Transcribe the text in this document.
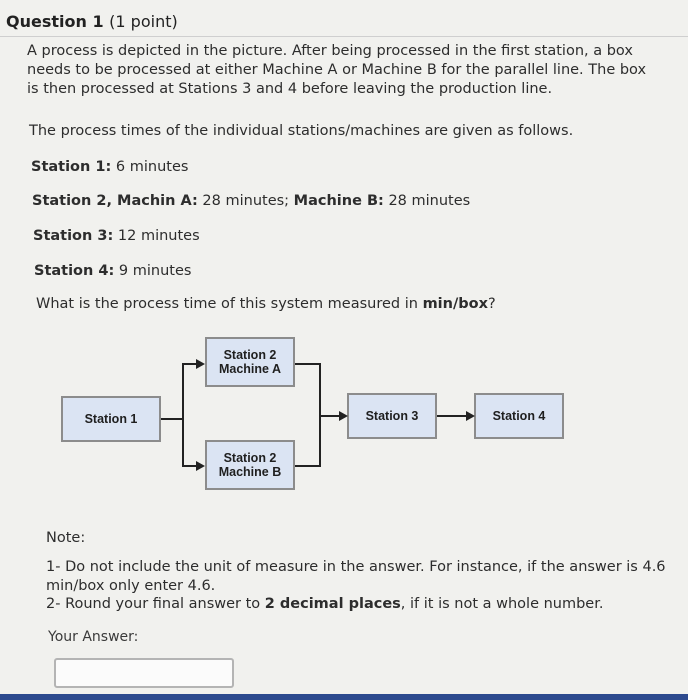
Question 1 (1 point)
A process is depicted in the picture. After being processed in the first station, a box
needs to be processed at either Machine A or Machine B for the parallel line. The box
is then processed at Stations 3 and 4 before leaving the production line.
The process times of the individual stations/machines are given as follows.
Station 1: 6 minutes
Station 2, Machin A: 28 minutes; Machine B: 28 minutes
Station 3: 12 minutes
Station 4: 9 minutes
What is the process time of this system measured in min/box?
Station 1
Station 2
Machine A
Station 2
Machine B
Station 3	Station 4
Note:
1- Do not include the unit of measure in the answer. For instance, if the answer is 4.6
min/box only enter 4.6.
2- Round your final answer to 2 decimal places, if it is not a whole number.
Your Answer:
